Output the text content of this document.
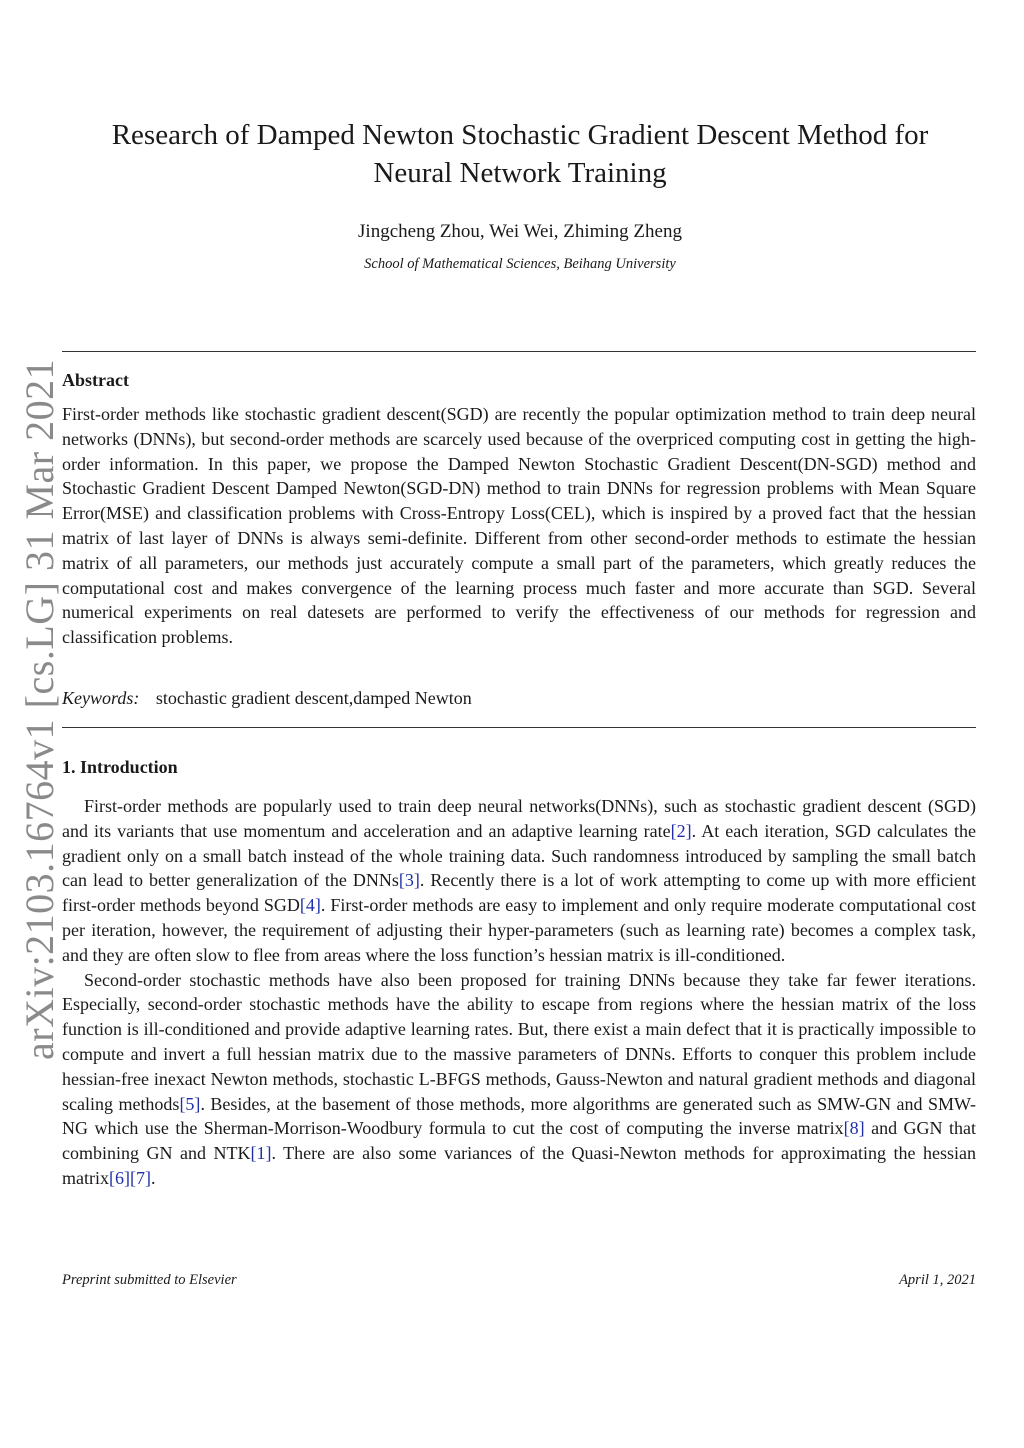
arXiv:2103.16764v1 [cs.LG] 31 Mar 2021
Research of Damped Newton Stochastic Gradient Descent Method for
Neural Network Training
Jingcheng Zhou, Wei Wei, Zhiming Zheng
School of Mathematical Sciences, Beihang University
Abstract
First-order methods like stochastic gradient descent(SGD) are recently the popular optimization method to train deep neural networks (DNNs), but second-order methods are scarcely used because of the overpriced computing cost in getting the high-order information. In this paper, we propose the Damped Newton Stochastic Gradient Descent(DN-SGD) method and Stochastic Gradient Descent Damped Newton(SGD-DN) method to train DNNs for regression problems with Mean Square Error(MSE) and classification problems with Cross-Entropy Loss(CEL), which is inspired by a proved fact that the hessian matrix of last layer of DNNs is always semi-definite. Different from other second-order methods to estimate the hessian matrix of all parameters, our methods just accurately compute a small part of the parameters, which greatly reduces the computational cost and makes convergence of the learning process much faster and more accurate than SGD. Several numerical experiments on real datesets are performed to verify the effectiveness of our methods for regression and classification problems.
Keywords: stochastic gradient descent,damped Newton
1. Introduction

First-order methods are popularly used to train deep neural networks(DNNs), such as stochastic gradient descent (SGD) and its variants that use momentum and acceleration and an adaptive learning rate[2]. At each iteration, SGD calculates the gradient only on a small batch instead of the whole training data. Such randomness introduced by sampling the small batch can lead to better generalization of the DNNs[3]. Recently there is a lot of work attempting to come up with more efficient first-order methods beyond SGD[4]. First-order methods are easy to implement and only require moderate computational cost per iteration, however, the requirement of adjusting their hyper-parameters (such as learning rate) becomes a complex task, and they are often slow to flee from areas where the loss function’s hessian matrix is ill-conditioned.

Second-order stochastic methods have also been proposed for training DNNs because they take far fewer iterations. Especially, second-order stochastic methods have the ability to escape from regions where the hessian matrix of the loss function is ill-conditioned and provide adaptive learning rates. But, there exist a main defect that it is practically impossible to compute and invert a full hessian matrix due to the massive parameters of DNNs. Efforts to conquer this problem include hessian-free inexact Newton methods, stochastic L-BFGS methods, Gauss-Newton and natural gradient methods and diagonal scaling methods[5]. Besides, at the basement of those methods, more algorithms are generated such as SMW-GN and SMW-NG which use the Sherman-Morrison-Woodbury formula to cut the cost of computing the inverse matrix[8] and GGN that combining GN and NTK[1]. There are also some variances of the Quasi-Newton methods for approximating the hessian matrix[6][7].

Preprint submitted to Elsevier	April 1, 2021
